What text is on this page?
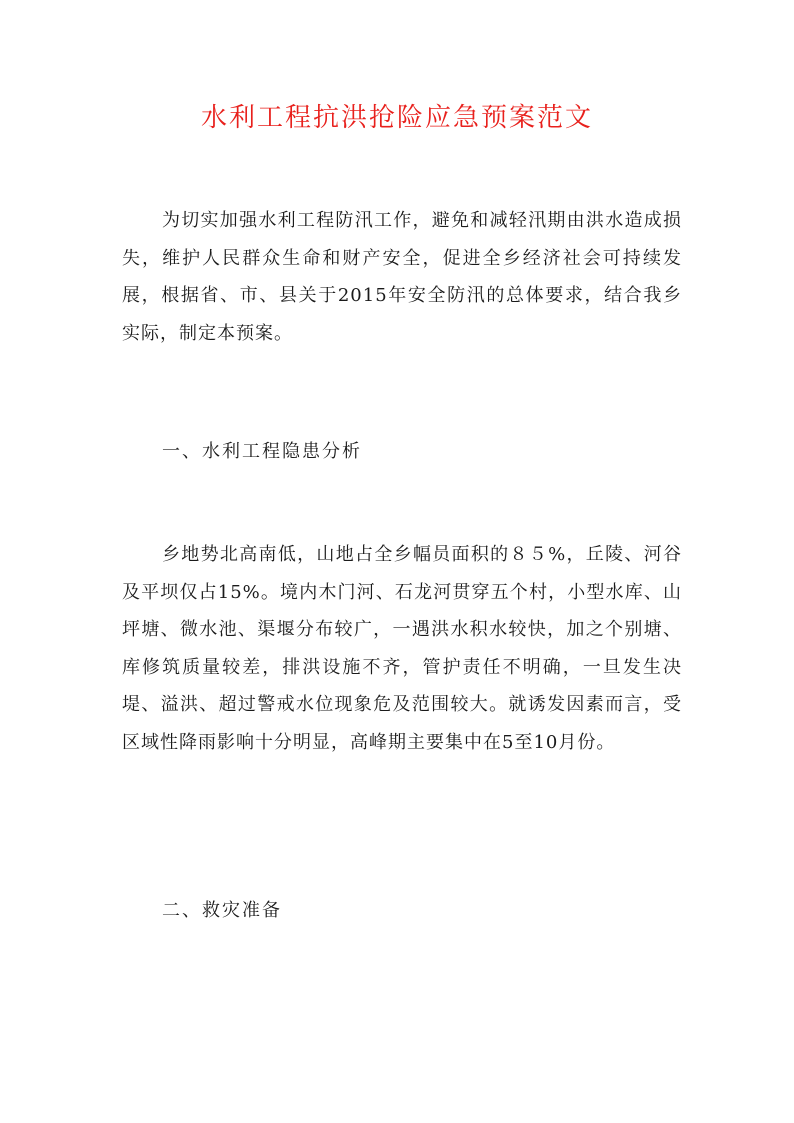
水利工程抗洪抢险应急预案范文

为切实加强水利工程防汛工作，避免和减轻汛期由洪水造成损失，维护人民群众生命和财产安全，促进全乡经济社会可持续发展，根据省、市、县关于2015年安全防汛的总体要求，结合我乡实际，制定本预案。

一、水利工程隐患分析

乡地势北高南低，山地占全乡幅员面积的８５%，丘陵、河谷及平坝仅占15%。境内木门河、石龙河贯穿五个村，小型水库、山坪塘、微水池、渠堰分布较广，一遇洪水积水较快，加之个别塘、库修筑质量较差，排洪设施不齐，管护责任不明确，一旦发生决堤、溢洪、超过警戒水位现象危及范围较大。就诱发因素而言，受区域性降雨影响十分明显，高峰期主要集中在5至10月份。

二、救灾准备
